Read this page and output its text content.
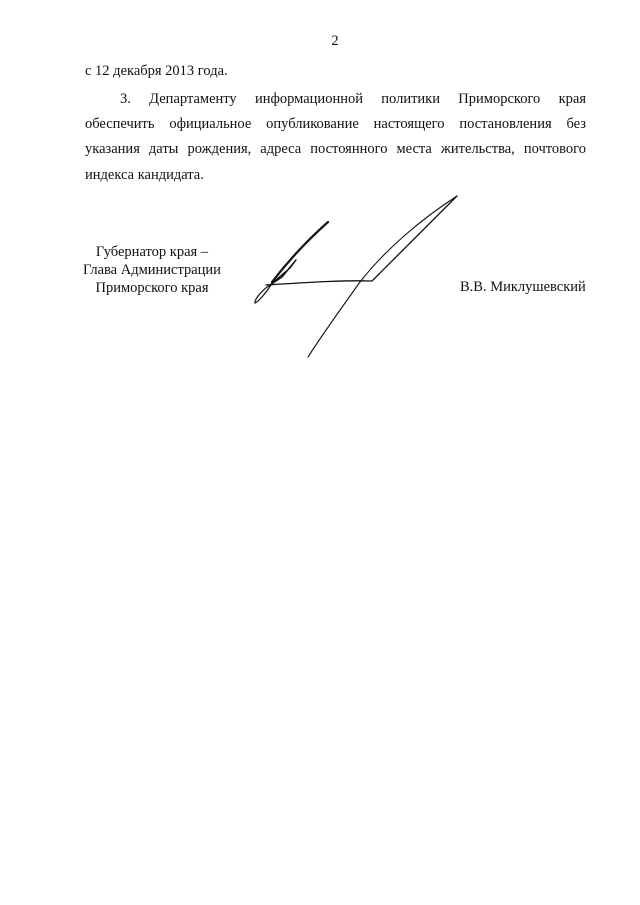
2
с 12 декабря 2013 года.
3. Департаменту информационной политики Приморского края
обеспечить официальное опубликование настоящего постановления без
указания даты рождения, адреса постоянного места жительства, почтового
индекса кандидата.
Губернатор края –
Глава Администрации
Приморского края	В.В. Миклушевский
